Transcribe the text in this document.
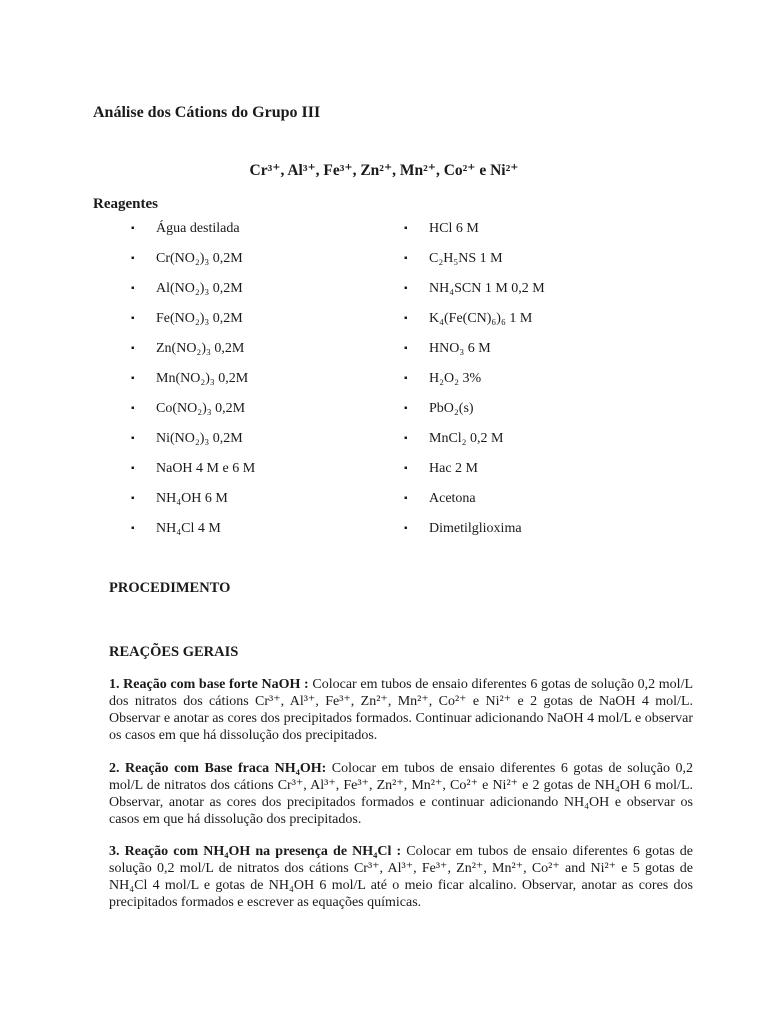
Análise dos Cátions do Grupo III
Cr³⁺, Al³⁺, Fe³⁺, Zn²⁺, Mn²⁺, Co²⁺ e Ni²⁺
Reagentes
▪ Água destilada
▪ Cr(NO₂)₃ 0,2M
▪ Al(NO₂)₃ 0,2M
▪ Fe(NO₂)₃ 0,2M
▪ Zn(NO₂)₃ 0,2M
▪ Mn(NO₂)₃ 0,2M
▪ Co(NO₂)₃ 0,2M
▪ Ni(NO₂)₃ 0,2M
▪ NaOH 4 M e 6 M
▪ NH₄OH 6 M
▪ NH₄Cl 4 M
▪ HCl 6 M
▪ C₂H₅NS 1 M
▪ NH₄SCN 1 M 0,2 M
▪ K₄(Fe(CN)₆)₆ 1 M
▪ HNO₃ 6 M
▪ H₂O₂ 3%
▪ PbO₂(s)
▪ MnCl₂ 0,2 M
▪ Hac 2 M
▪ Acetona
▪ Dimetilglioxima
PROCEDIMENTO
REAÇÕES GERAIS
1. Reação com base forte NaOH : Colocar em tubos de ensaio diferentes 6 gotas de solução 0,2 mol/L dos nitratos dos cátions Cr³⁺, Al³⁺, Fe³⁺, Zn²⁺, Mn²⁺, Co²⁺ e Ni²⁺ e 2 gotas de NaOH 4 mol/L. Observar e anotar as cores dos precipitados formados. Continuar adicionando NaOH 4 mol/L e observar os casos em que há dissolução dos precipitados.
2. Reação com Base fraca NH₄OH: Colocar em tubos de ensaio diferentes 6 gotas de solução 0,2 mol/L de nitratos dos cátions Cr³⁺, Al³⁺, Fe³⁺, Zn²⁺, Mn²⁺, Co²⁺ e Ni²⁺ e 2 gotas de NH₄OH 6 mol/L. Observar, anotar as cores dos precipitados formados e continuar adicionando NH₄OH e observar os casos em que há dissolução dos precipitados.
3. Reação com NH₄OH na presença de NH₄Cl : Colocar em tubos de ensaio diferentes 6 gotas de solução 0,2 mol/L de nitratos dos cátions Cr³⁺, Al³⁺, Fe³⁺, Zn²⁺, Mn²⁺, Co²⁺ and Ni²⁺ e 5 gotas de NH₄Cl 4 mol/L e gotas de NH₄OH 6 mol/L até o meio ficar alcalino. Observar, anotar as cores dos precipitados formados e escrever as equações químicas.
